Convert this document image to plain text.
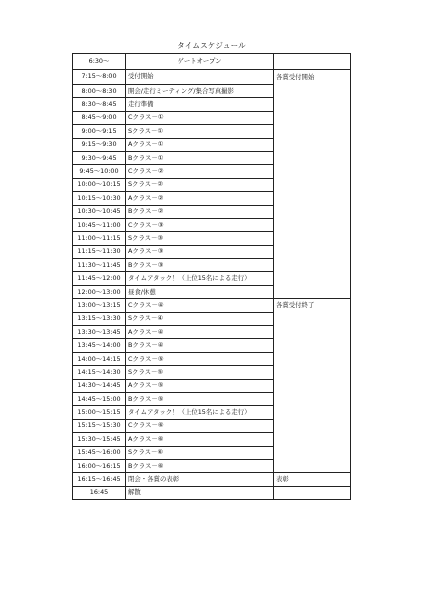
タイムスケジュール
6:30〜	ゲートオープン	
7:15〜8:00	受付開始	各賞受付開始
8:00〜8:30	開会/走行ミーティング/集合写真撮影	
8:30〜8:45	走行準備	
8:45〜9:00	Cクラス－①	
9:00〜9:15	Sクラス－①	
9:15〜9:30	Aクラス－①	
9:30〜9:45	Bクラス－①	
9:45〜10:00	Cクラス－②	
10:00〜10:15	Sクラス－②	
10:15〜10:30	Aクラス－②	
10:30〜10:45	Bクラス－②	
10:45〜11:00	Cクラス－③	
11:00〜11:15	Sクラス－③	
11:15〜11:30	Aクラス－③	
11:30〜11:45	Bクラス－③	
11:45〜12:00	タイムアタック！（上位15名による走行）	
12:00〜13:00	昼食/休憩	
13:00〜13:15	Cクラス－④	各賞受付終了
13:15〜13:30	Sクラス－④	
13:30〜13:45	Aクラス－④	
13:45〜14:00	Bクラス－④	
14:00〜14:15	Cクラス－⑤	
14:15〜14:30	Sクラス－⑤	
14:30〜14:45	Aクラス－⑤	
14:45〜15:00	Bクラス－⑤	
15:00〜15:15	タイムアタック！（上位15名による走行）	
15:15〜15:30	Cクラス－⑥	
15:30〜15:45	Aクラス－⑥	
15:45〜16:00	Sクラス－⑥	
16:00〜16:15	Bクラス－⑥	
16:15〜16:45	閉会・各賞の表彰	表彰
16:45	解散	
